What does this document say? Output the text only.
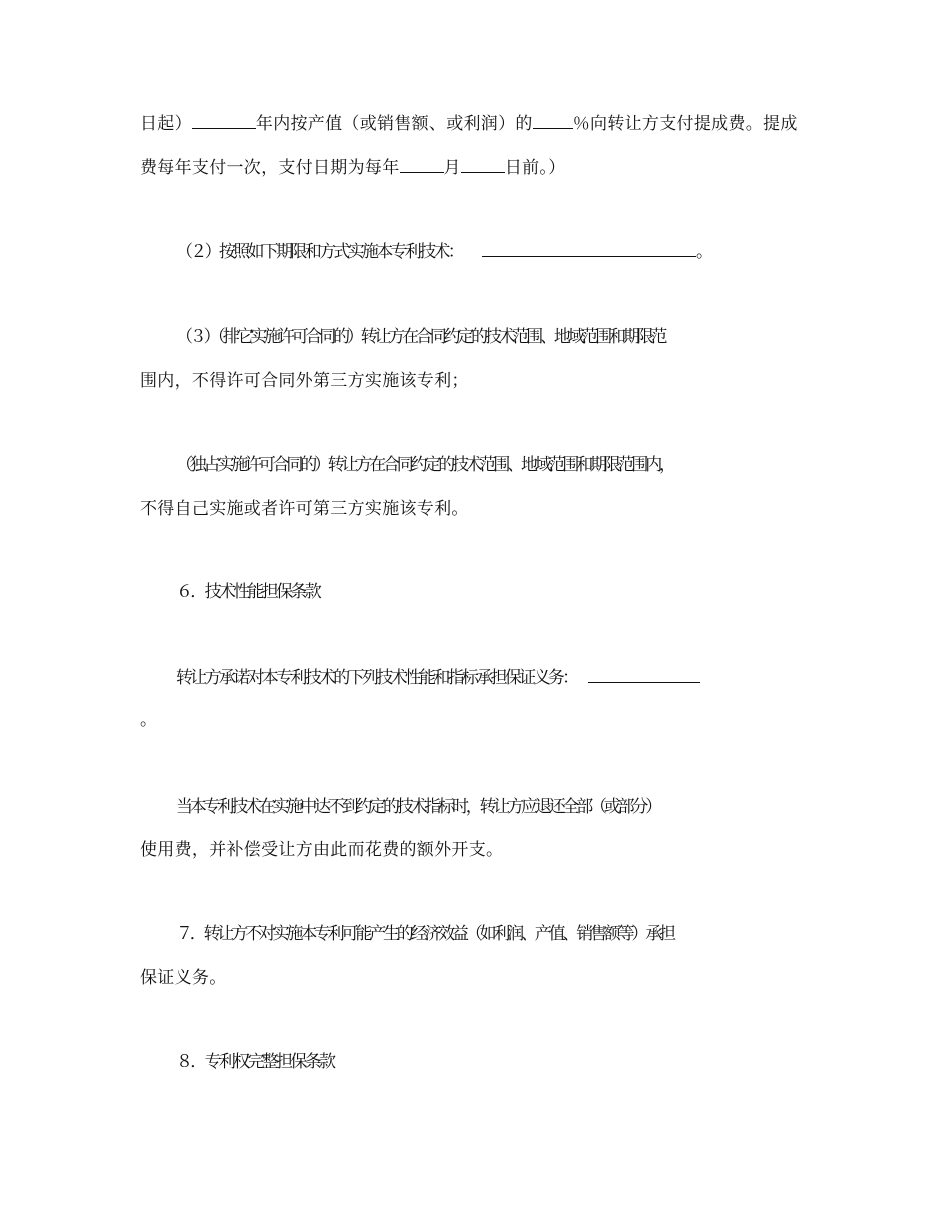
日起）	年内按产值（或销售额、或利润）的 ％向转让方支付提成费。提成
费每年支付一次，支付日期为每年	月	日前。）
（２）按照如下期限和方式实施本专利技术：	。
（３）（排它实施许可合同的）转让方在合同约定的技术范围、地域范围和期限范
围内，不得许可合同外第三方实施该专利；
（独占实施许可合同的）转让方在合同约定的技术范围、地域范围和期限范围内，
不得自己实施或者许可第三方实施该专利。
６．技术性能担保条款
转让方承诺对本专利技术的下列技术性能和指标承担保证义务：
。
当本专利技术在实施中达不到约定的技术指标时，转让方应退还全部（或部分）
使用费，并补偿受让方由此而花费的额外开支。
７．转让方不对实施本专利可能产生的经济效益（如利润、产值、销售额等）承担
保证义务。
８．专利权完整担保条款
